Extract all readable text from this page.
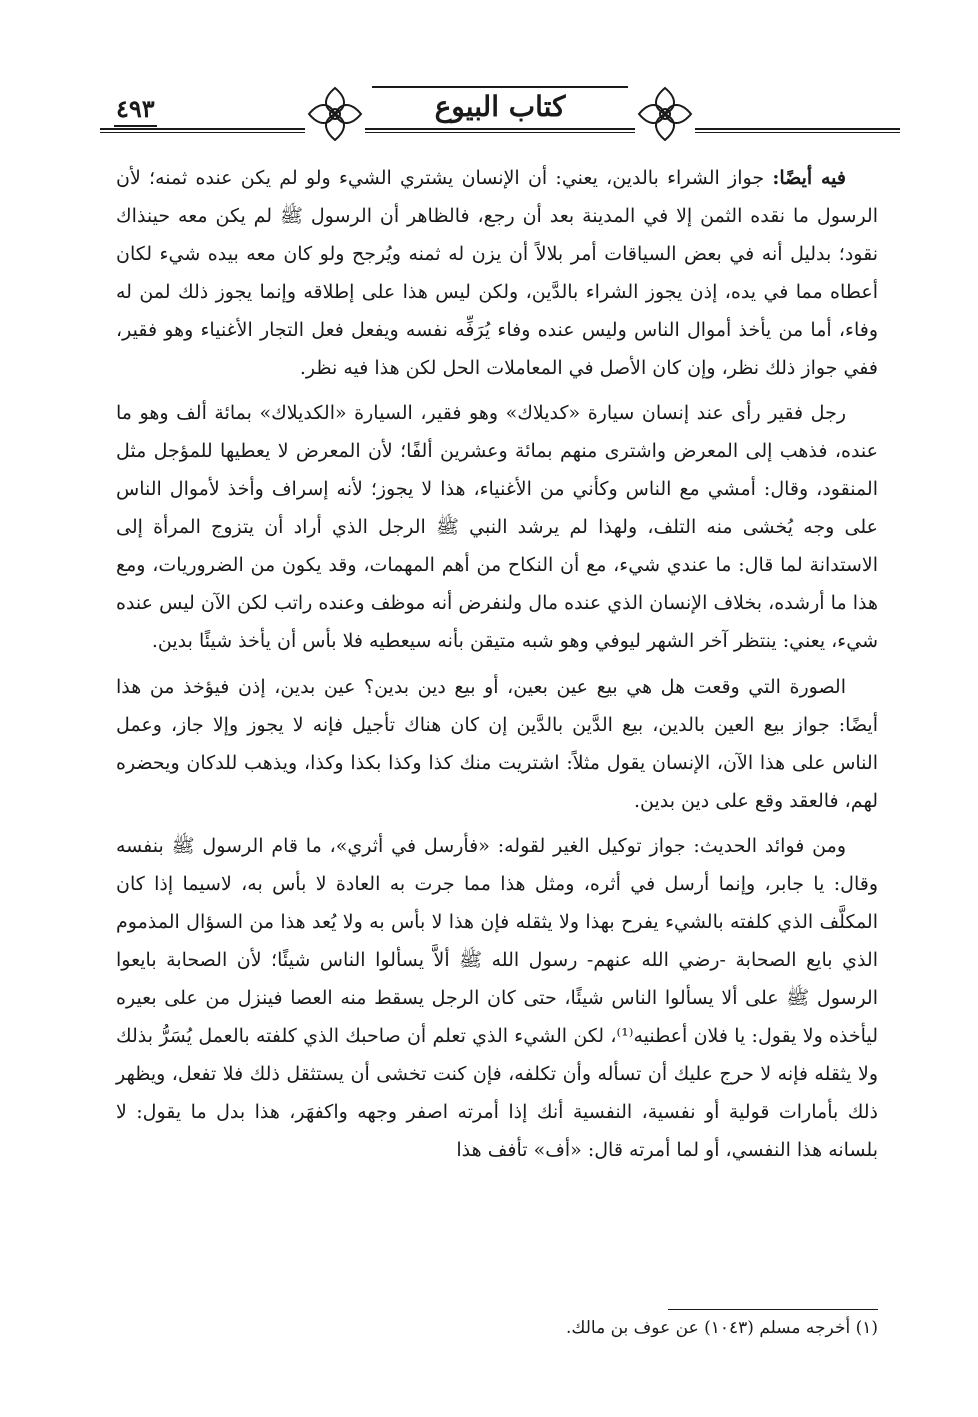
٤٩٣	كتاب البيوع

فيه أيضًا: جواز الشراء بالدين، يعني: أن الإنسان يشتري الشيء ولو لم يكن عنده ثمنه؛ لأن الرسول ما نقده الثمن إلا في المدينة بعد أن رجع، فالظاهر أن الرسول ﷺ لم يكن معه حينذاك نقود؛ بدليل أنه في بعض السياقات أمر بلالاً أن يزن له ثمنه ويُرجح ولو كان معه بيده شيء لكان أعطاه مما في يده، إذن يجوز الشراء بالدَّين، ولكن ليس هذا على إطلاقه وإنما يجوز ذلك لمن له وفاء، أما من يأخذ أموال الناس وليس عنده وفاء يُرَفِّه نفسه ويفعل فعل التجار الأغنياء وهو فقير، ففي جواز ذلك نظر، وإن كان الأصل في المعاملات الحل لكن هذا فيه نظر.

رجل فقير رأى عند إنسان سيارة «كديلاك» وهو فقير، السيارة «الكديلاك» بمائة ألف وهو ما عنده، فذهب إلى المعرض واشترى منهم بمائة وعشرين ألفًا؛ لأن المعرض لا يعطيها للمؤجل مثل المنقود، وقال: أمشي مع الناس وكأني من الأغنياء، هذا لا يجوز؛ لأنه إسراف وأخذ لأموال الناس على وجه يُخشى منه التلف، ولهذا لم يرشد النبي ﷺ الرجل الذي أراد أن يتزوج المرأة إلى الاستدانة لما قال: ما عندي شيء، مع أن النكاح من أهم المهمات، وقد يكون من الضروريات، ومع هذا ما أرشده، بخلاف الإنسان الذي عنده مال ولنفرض أنه موظف وعنده راتب لكن الآن ليس عنده شيء، يعني: ينتظر آخر الشهر ليوفي وهو شبه متيقن بأنه سيعطيه فلا بأس أن يأخذ شيئًا بدين.

الصورة التي وقعت هل هي بيع عين بعين، أو بيع دين بدين؟ عين بدين، إذن فيؤخذ من هذا أيضًا: جواز بيع العين بالدين، بيع الدَّين بالدَّين إن كان هناك تأجيل فإنه لا يجوز وإلا جاز، وعمل الناس على هذا الآن، الإنسان يقول مثلاً: اشتريت منك كذا وكذا بكذا وكذا، ويذهب للدكان ويحضره لهم، فالعقد وقع على دين بدين.

ومن فوائد الحديث: جواز توكيل الغير لقوله: «فأرسل في أثري»، ما قام الرسول ﷺ بنفسه وقال: يا جابر، وإنما أرسل في أثره، ومثل هذا مما جرت به العادة لا بأس به، لاسيما إذا كان المكلَّف الذي كلفته بالشيء يفرح بهذا ولا يثقله فإن هذا لا بأس به ولا يُعد هذا من السؤال المذموم الذي بايع الصحابة -رضي الله عنهم- رسول الله ﷺ ألاَّ يسألوا الناس شيئًا؛ لأن الصحابة بايعوا الرسول ﷺ على ألا يسألوا الناس شيئًا، حتى كان الرجل يسقط منه العصا فينزل من على بعيره ليأخذه ولا يقول: يا فلان أعطنيه⁽¹⁾، لكن الشيء الذي تعلم أن صاحبك الذي كلفته بالعمل يُسَرُّ بذلك ولا يثقله فإنه لا حرج عليك أن تسأله وأن تكلفه، فإن كنت تخشى أن يستثقل ذلك فلا تفعل، ويظهر ذلك بأمارات قولية أو نفسية، النفسية أنك إذا أمرته اصفر وجهه واكفهَر، هذا بدل ما يقول: لا بلسانه هذا النفسي، أو لما أمرته قال: «أف» تأفف هذا

(١) أخرجه مسلم (١٠٤٣) عن عوف بن مالك.
